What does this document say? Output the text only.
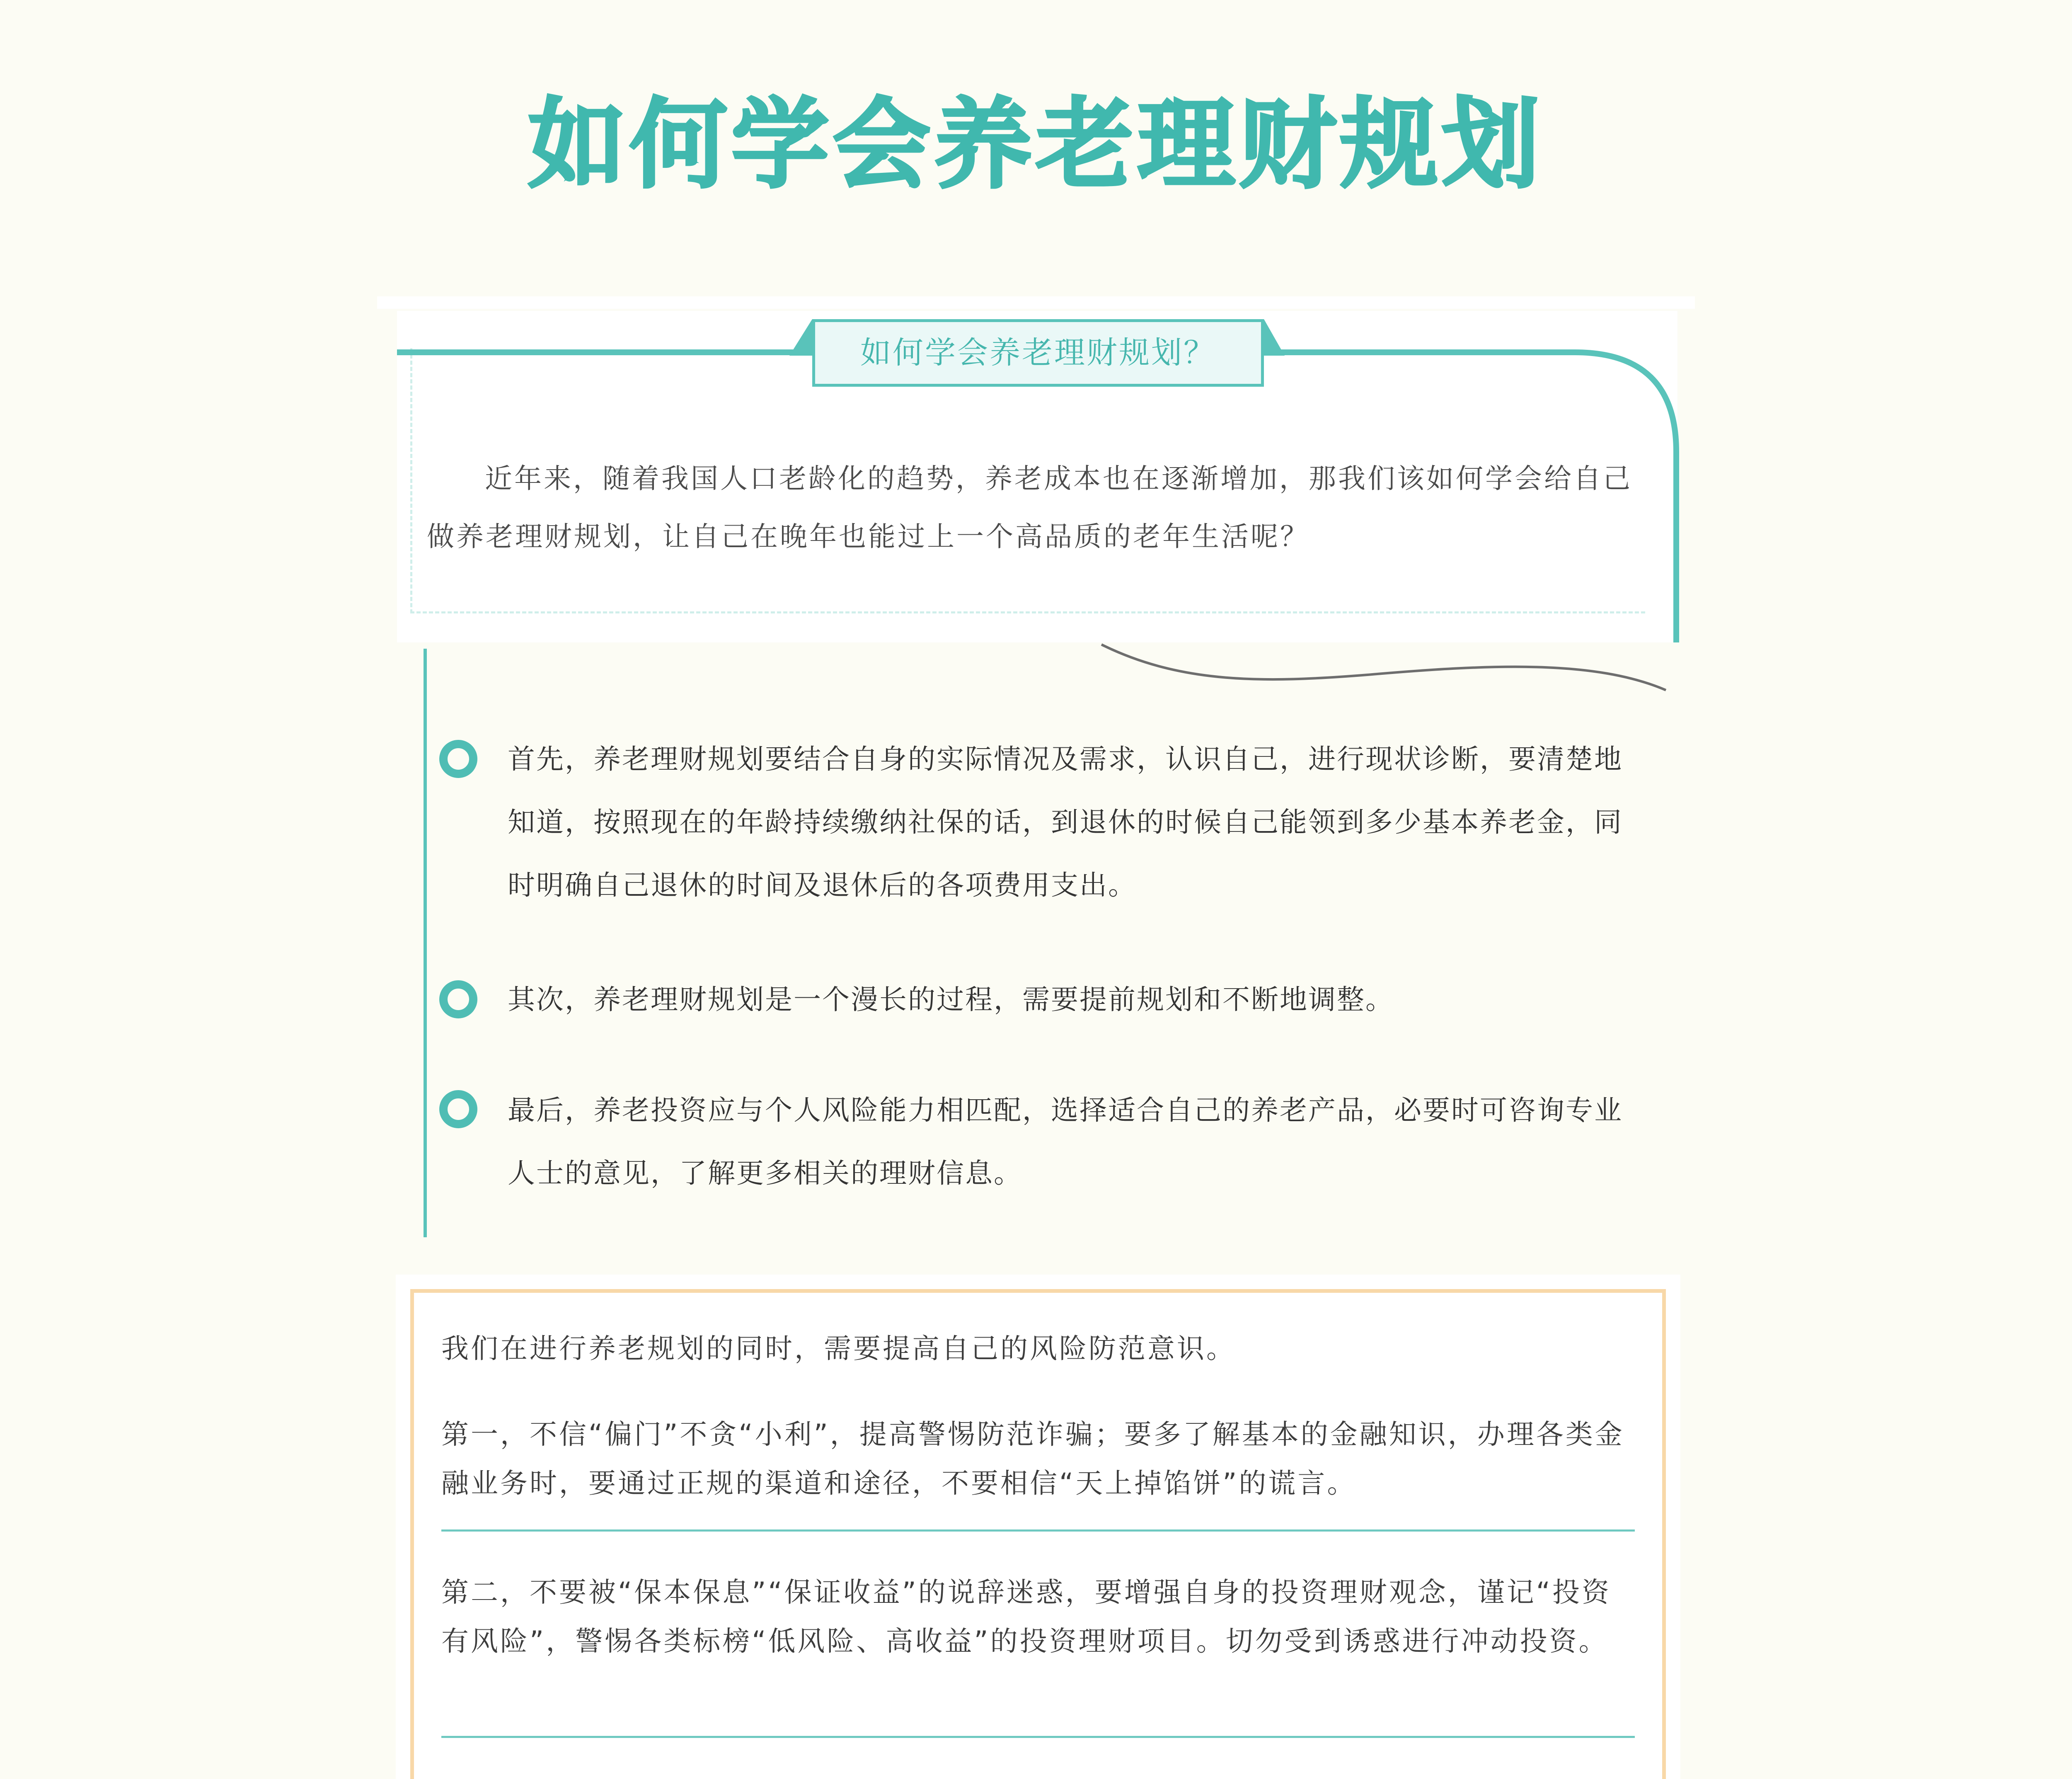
如何学会养老理财规划
如何学会养老理财规划？

近年来，随着我国人口老龄化的趋势，养老成本也在逐渐增加，那我们该如何学会给自己做养老理财规划，让自己在晚年也能过上一个高品质的老年生活呢？

首先，养老理财规划要结合自身的实际情况及需求，认识自己，进行现状诊断，要清楚地知道，按照现在的年龄持续缴纳社保的话，到退休的时候自己能领到多少基本养老金，同时明确自己退休的时间及退休后的各项费用支出。

其次，养老理财规划是一个漫长的过程，需要提前规划和不断地调整。

最后，养老投资应与个人风险能力相匹配，选择适合自己的养老产品，必要时可咨询专业人士的意见，了解更多相关的理财信息。

我们在进行养老规划的同时，需要提高自己的风险防范意识。

第一，不信“偏门”不贪“小利”，提高警惕防范诈骗；要多了解基本的金融知识，办理各类金融业务时，要通过正规的渠道和途径，不要相信“天上掉馅饼”的谎言。

第二，不要被“保本保息”“保证收益”的说辞迷惑，要增强自身的投资理财观念，谨记“投资有风险”，警惕各类标榜“低风险、高收益”的投资理财项目。切勿受到诱惑进行冲动投资。
